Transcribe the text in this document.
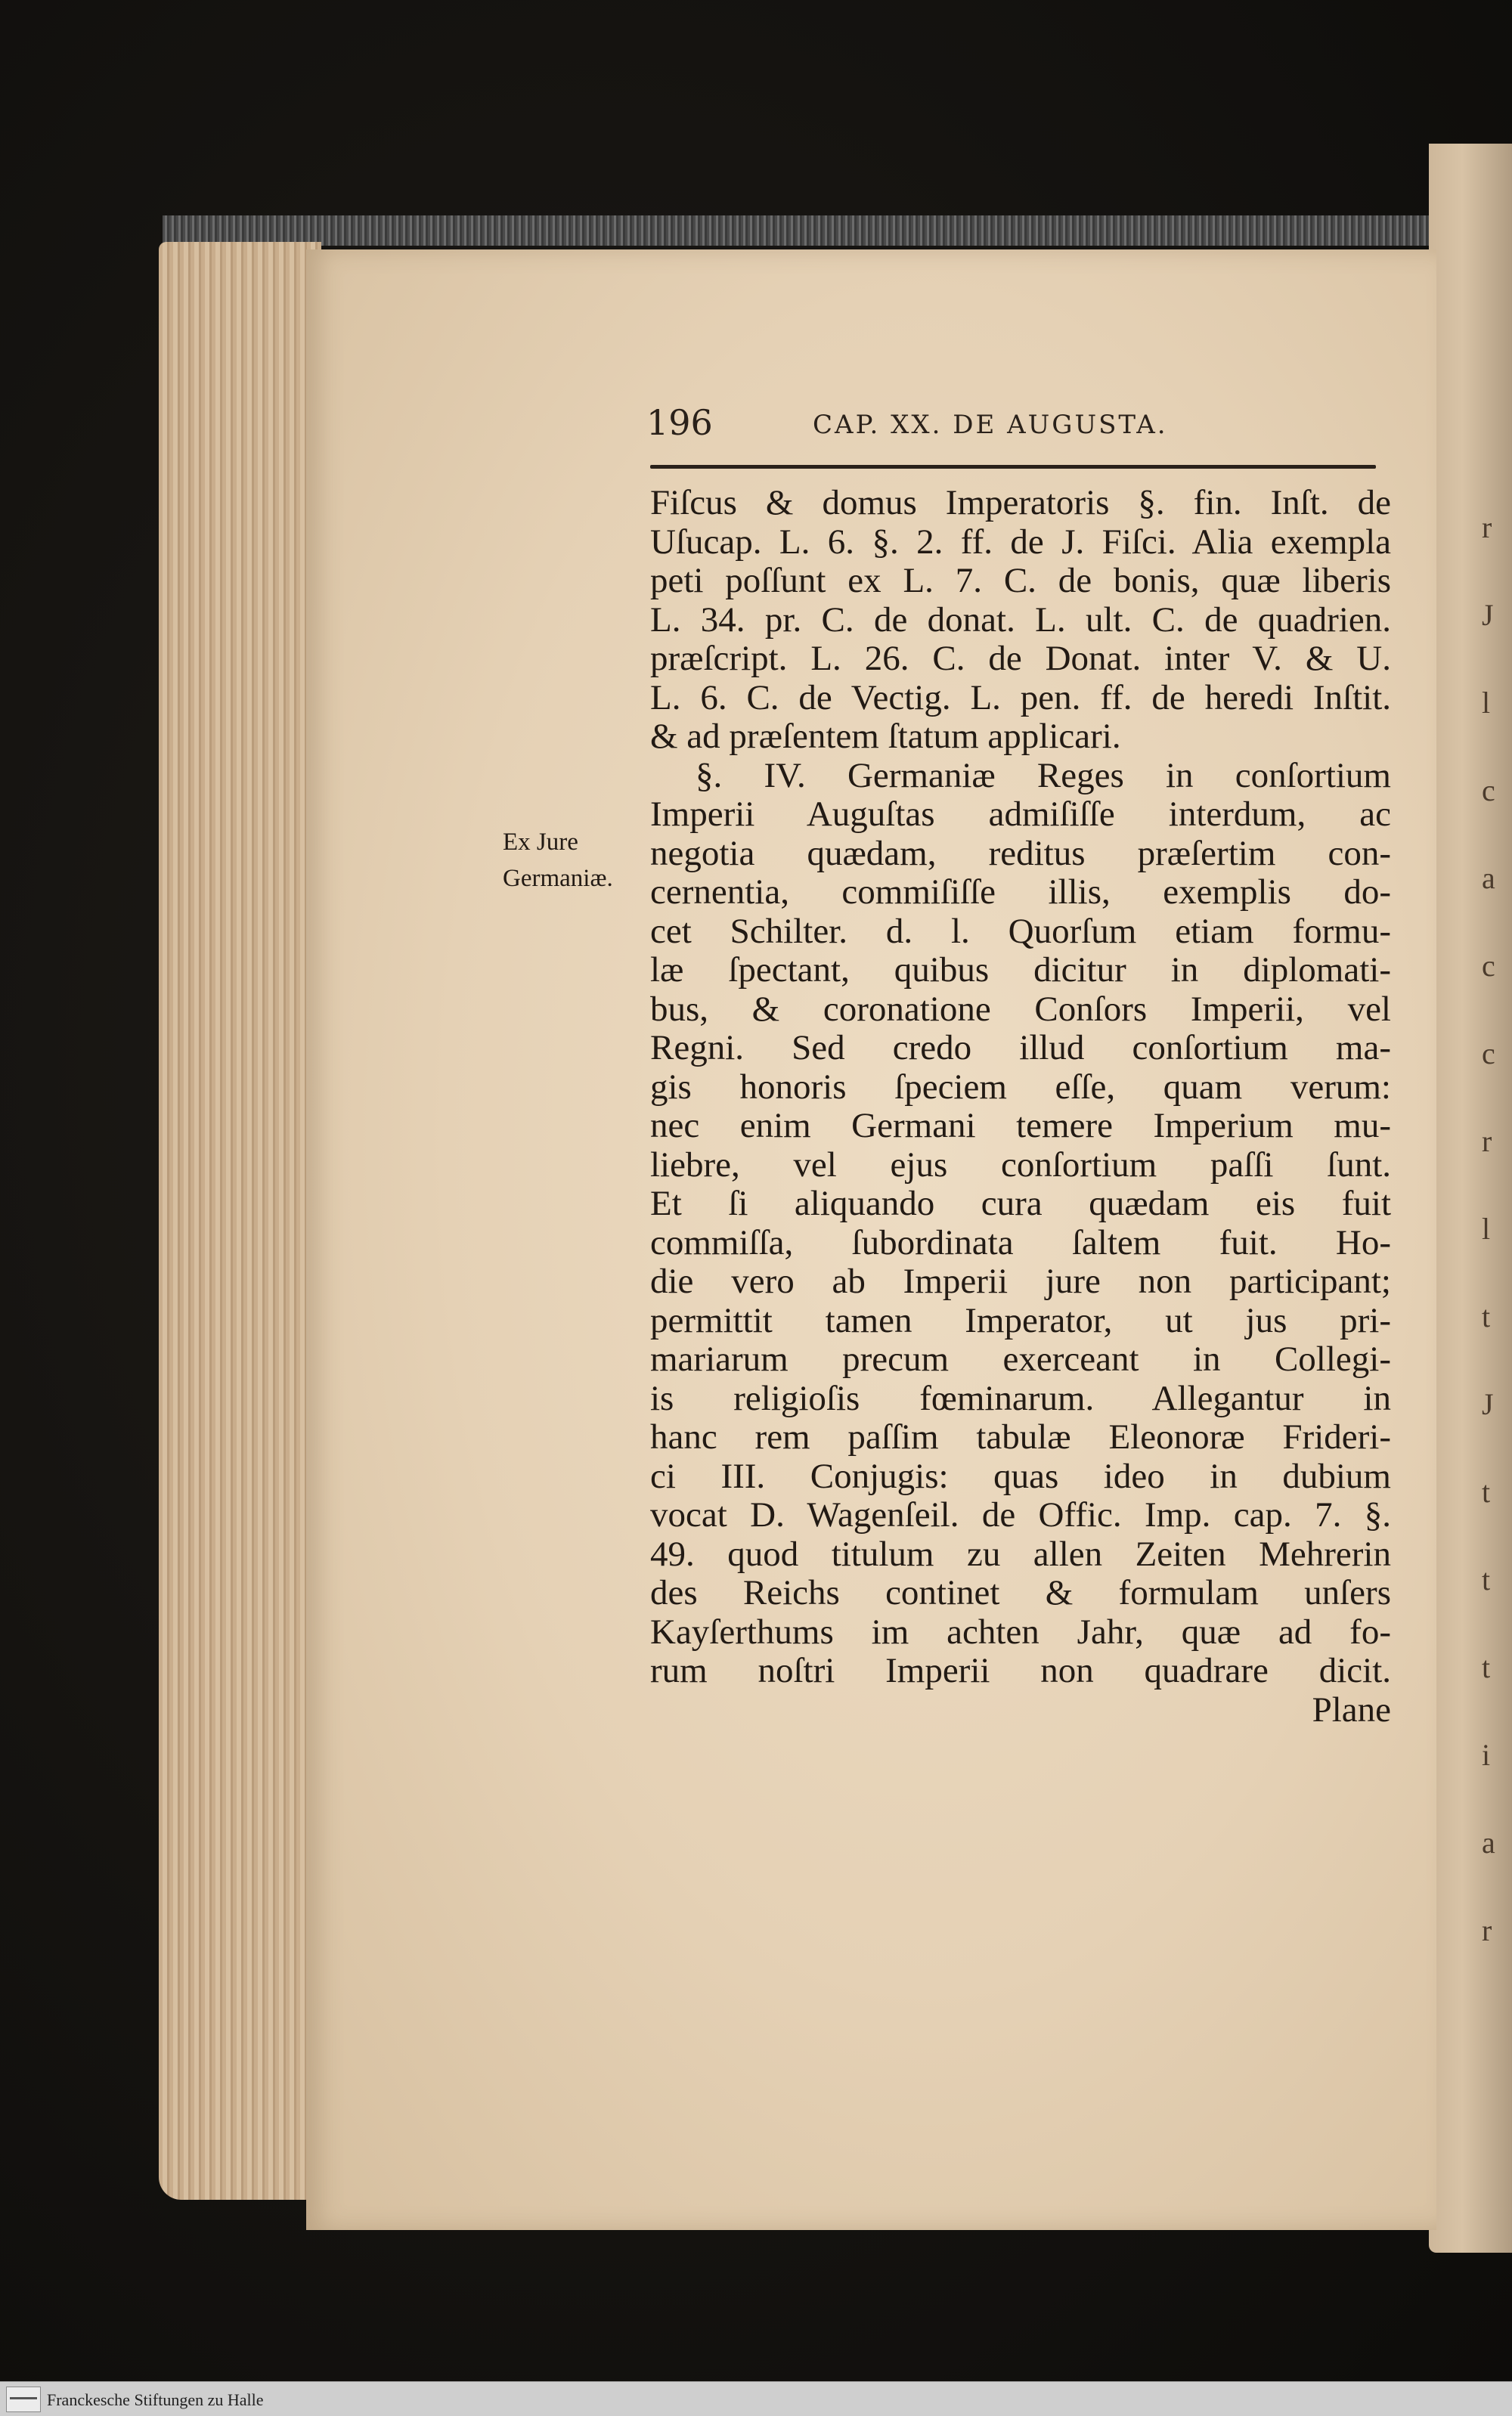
196	CAP. XX. DE AUGUSTA.
Ex Jure
Germaniæ.
Fiſcus & domus Imperatoris §. fin. Inſt. de
Uſucap. L. 6. §. 2. ff. de J. Fiſci. Alia exempla
peti poſſunt ex L. 7. C. de bonis, quæ liberis
L. 34. pr. C. de donat. L. ult. C. de quadrien.
præſcript. L. 26. C. de Donat. inter V. & U.
L. 6. C. de Vectig. L. pen. ff. de heredi Inſtit.
& ad præſentem ſtatum applicari.
§. IV. Germaniæ Reges in conſortium
Imperii Auguſtas admiſiſſe interdum, ac
negotia quædam, reditus præſertim con-
cernentia, commiſiſſe illis, exemplis do-
cet Schilter. d. l. Quorſum etiam formu-
læ ſpectant, quibus dicitur in diplomati-
bus, & coronatione Conſors Imperii, vel
Regni. Sed credo illud conſortium ma-
gis honoris ſpeciem eſſe, quam verum:
nec enim Germani temere Imperium mu-
liebre, vel ejus conſortium paſſi ſunt.
Et ſi aliquando cura quædam eis fuit
commiſſa, ſubordinata ſaltem fuit. Ho-
die vero ab Imperii jure non participant;
permittit tamen Imperator, ut jus pri-
mariarum precum exerceant in Collegi-
is religioſis fœminarum. Allegantur in
hanc rem paſſim tabulæ Eleonoræ Frideri-
ci III. Conjugis: quas ideo in dubium
vocat D. Wagenſeil. de Offic. Imp. cap. 7. §.
49. quod titulum zu allen Zeiten Mehrerin
des Reichs continet & formulam unſers
Kayſerthums im achten Jahr, quæ ad fo-
rum noſtri Imperii non quadrare dicit.
Plane
r
J
l
c
a
c
c
r
l
t
J
t
t
t
i
a
r
Franckesche Stiftungen zu Halle
